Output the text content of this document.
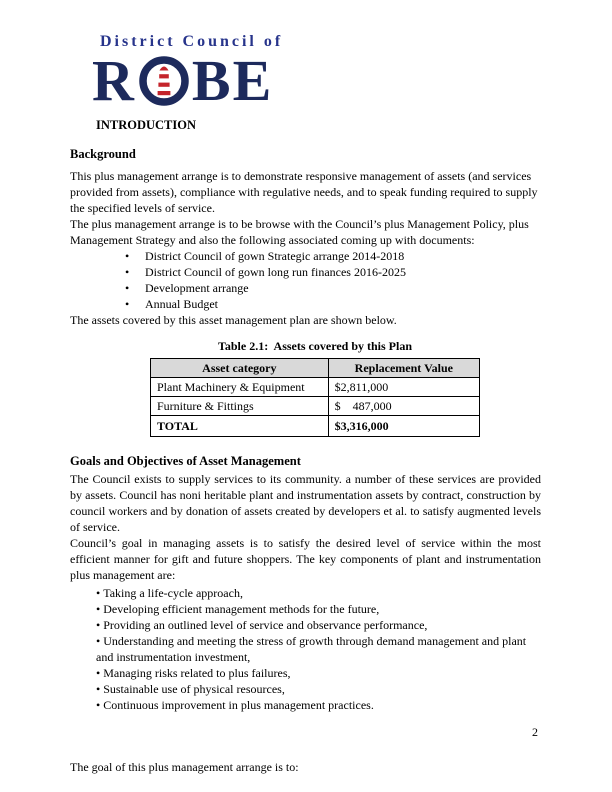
District Council of
R BE
INTRODUCTION
Background

This plus management arrange is to demonstrate responsive management of assets (and services provided from assets), compliance with regulative needs, and to speak funding required to supply the specified levels of service.

The plus management arrange is to be browse with the Council’s plus Management Policy, plus Management Strategy and also the following associated coming up with documents:

• District Council of gown Strategic arrange 2014-2018
• District Council of gown long run finances 2016-2025
• Development arrange
• Annual Budget

The assets covered by this asset management plan are shown below.

Table 2.1:  Assets covered by this Plan
Asset category	Replacement Value
Plant Machinery & Equipment	$2,811,000
Furniture & Fittings	$    487,000
TOTAL	$3,316,000
Goals and Objectives of Asset Management

The Council exists to supply services to its community. a number of these services are provided by assets. Council has noni heritable plant and instrumentation assets by contract, construction by council workers and by donation of assets created by developers et al. to satisfy augmented levels of service.

Council’s goal in managing assets is to satisfy the desired level of service within the most efficient manner for gift and future shoppers. The key components of plant and instrumentation plus management are:

• Taking a life-cycle approach,
• Developing efficient management methods for the future,
• Providing an outlined level of service and observance performance,
• Understanding and meeting the stress of growth through demand management and plant and instrumentation investment,
• Managing risks related to plus failures,
• Sustainable use of physical resources,
• Continuous improvement in plus management practices.

The goal of this plus management arrange is to:

2
